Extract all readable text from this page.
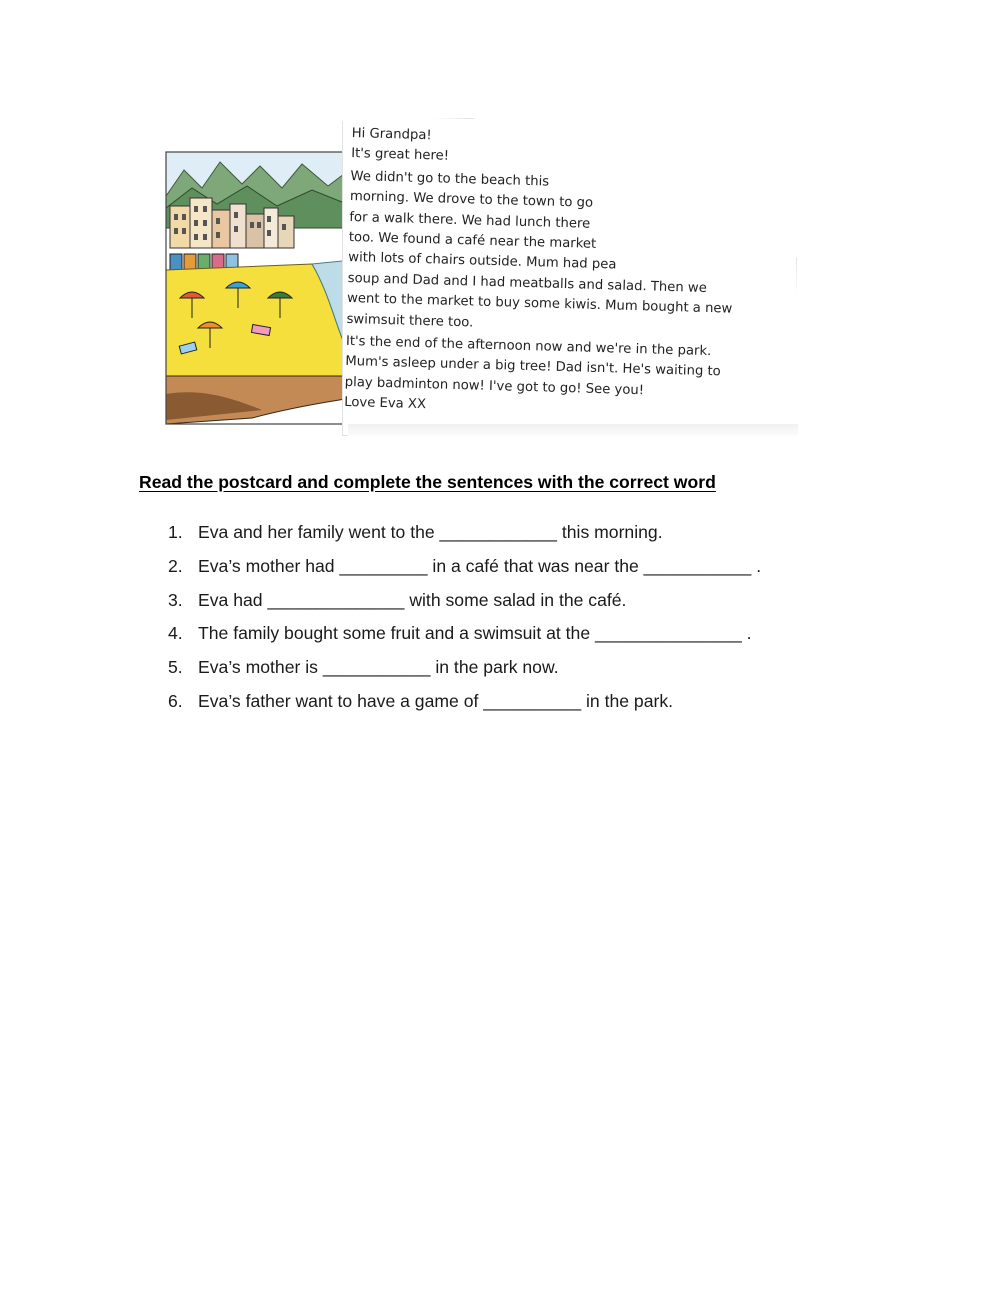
Hi Grandpa!

It's great here!

We didn't go to the beach this
morning. We drove to the town to go
for a walk there. We had lunch there
too. We found a café near the market
with lots of chairs outside. Mum had pea
soup and Dad and I had meatballs and salad. Then we
went to the market to buy some kiwis. Mum bought a new
swimsuit there too.

It's the end of the afternoon now and we're in the park.
Mum's asleep under a big tree! Dad isn't. He's waiting to
play badminton now! I've got to go! See you!

Love Eva XX

Read the postcard and complete the sentences with the correct word

1. Eva and her family went to the ____________ this morning.
2. Eva’s mother had _________ in a café that was near the ___________ .
3. Eva had ______________ with some salad in the café.
4. The family bought some fruit and a swimsuit at the _______________ .
5. Eva’s mother is ___________ in the park now.
6. Eva’s father want to have a game of __________ in the park.
